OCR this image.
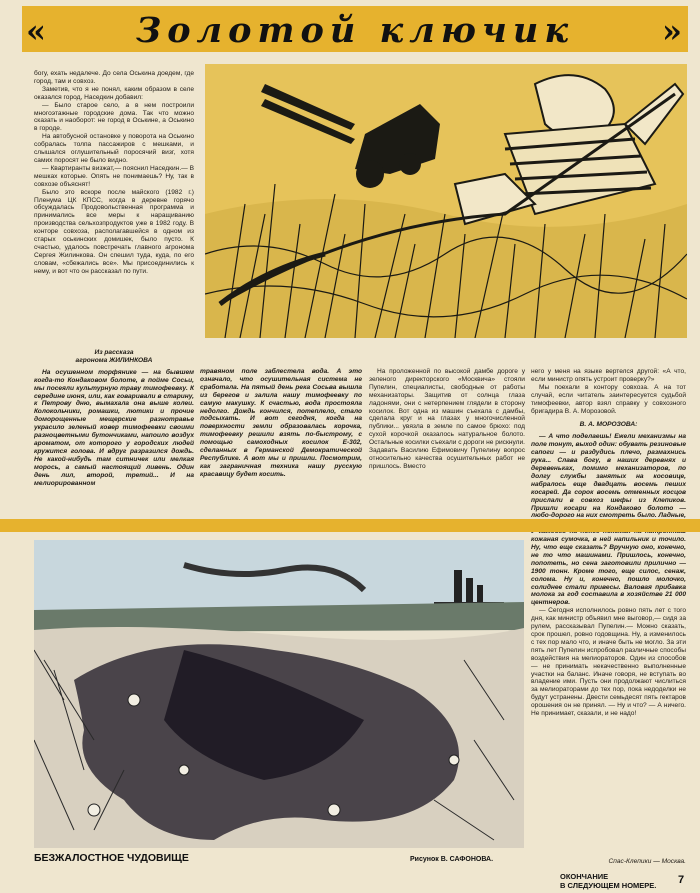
«	Золотой ключик	»

богу, ехать недалече. До села Оськина доедем, где город, там и совхоз.

Заметив, что я не понял, каким образом в селе оказался город, Наседкин добавил:

— Было старое село, а в нем построили многоэтажные городские дома. Так что можно сказать и наоборот: не город в Оськине, а Оськино в городе.

На автобусной остановке у поворота на Оськино собралась толпа пассажиров с мешками, и слышался оглушительный поросячий визг, хотя самих поросят не было видно.

— Квартиранты визжат,— пояснил Наседкин.— В мешках которые. Опять не понимаешь? Ну, так в совхозе объяснят!

Было это вскоре после майского (1982 г.) Пленума ЦК КПСС, когда в деревне горячо обсуждалась Продовольственная программа и принимались все меры к наращиванию производства сельхозпродуктов уже в 1982 году. В конторе совхоза, располагавшейся в одном из старых оськинских домишек, было пусто. К счастью, удалось повстречать главного агронома Сергея Жилинкова. Он спешил туда, куда, по его словам, «сбежались все». Мы присоединились к нему, и вот что он рассказал по пути.

Из рассказа

агронома ЖИЛИНКОВА

На осушенном торфянике — на бывшем когда-то Кондаковом болоте, в пойме Сосьи, мы посеяли культурную траву тимофеевку. К середине июня, или, как говаривали в старину, к Петрову дню, вымахала она выше колеи. Колокольчики, ромашки, лютики и прочие доморощенные мещерские разнотравье украсило зеленый ковер тимофеевки своими разноцветными бутончиками, напоило воздух ароматом, от которого у городских людей кружится голова. И вдруг разразился дождь. Не какой-нибудь там ситничек или мелкая морось, а самый настоящий ливень. Один день лил, второй, третий... И на мелиорированном

травяном поле заблестела вода. А это означало, что осушительная система не сработала. На пятый день река Сосьва вышла из берегов и залила нашу тимофеевку по самую макушку. К счастью, вода простояла недолго. Дождь кончился, потеплело, стало подсыхать. И вот сегодня, когда на поверхности земли образовалась корочка, тимофеевку решили взять по-быстрому, с помощью самоходных косилок Е-302, сделанных в Германской Демократической Республике. А вот мы и пришли. Посмотрим, как заграничная техника нашу русскую красавицу будет косить.

На проложенной по высокой дамбе дороге у зеленого директорского «Москвича» стояли Пупелин, специалисты, свободные от работы механизаторы. Защитив от солнца глаза ладонями, они с нетерпением глядели в сторону косилок. Вот одна из машин съехала с дамбы, сделала круг и на глазах у многочисленной публики... увязла в земле по самое брюхо: под сухой корочкой оказалось натуральное болото. Остальные косилки съехали с дороги не рискнули. Задавать Василию Ефимовичу Пупелину вопрос относительно качества осушительных работ не пришлось. Вместо

него у меня на языке вертелся другой: «А что, если министр опять устроит проверку?»

Мы поехали в контору совхоза. А на тот случай, если читатель заинтересуется судьбой тимофеевки, автор взял справку у совхозного бригадира В. А. Морозовой.

В. А. МОРОЗОВА:

— А что поделаешь! Ежели механизмы на поле тонут, выход один: обувать резиновые сапоги — и раздудись плечо, размахнись рука... Слава богу, в наших деревнях и деревеньках, помимо механизаторов, по долгу службы занятых на косовице, набралось еще двадцать восемь пеших косарей. Да сорок восемь отменных косцов прислали в совхоз шефы из Клепиков. Пришли косари на Кондаково болото — любо-дорого на них смотреть было. Ладные, кожаная сумочка, в ней напильник и точило. Ну, что еще сказать? Вручную оно, конечно, не то что машинами. Пришлось, конечно, попотеть, но сена заготовили прилично — 1900 тонн. Кроме того, еще силос, сенаж, солома. Ну и, конечно, пошло молочко, солиднее стали привесы. Валовая прибавка молока за год составила в хозяйстве 21 000 центнеров.

— Сегодня исполнилось ровно пять лет с того дня, как министр объявил мне выговор,— сидя за рулем, рассказывал Пупелин.— Можно сказать, срок прошел, ровно годовщина. Ну, а изменилось с тех пор мало что, и иначе быть не могло. За эти пять лет Пупелин испробовал различные способы воздействия на мелиораторов. Один из способов — не принимать некачественно выполненные участки на баланс. Иначе говоря, не вступать во владение ими. Пусть они продолжают числиться за мелиораторами до тех пор, пока недоделки не будут устранены. Двести семьдесят пять гектаров орошения он не принял. — Ну и что? — А ничего. Не принимает, сказали, и не надо!

Спас-Клепики — Москва.

БЕЗЖАЛОСТНОЕ ЧУДОВИЩЕ	Рисунок В. САФОНОВА.
ОКОНЧАНИЕ
В СЛЕДУЮЩЕМ НОМЕРЕ. 7
